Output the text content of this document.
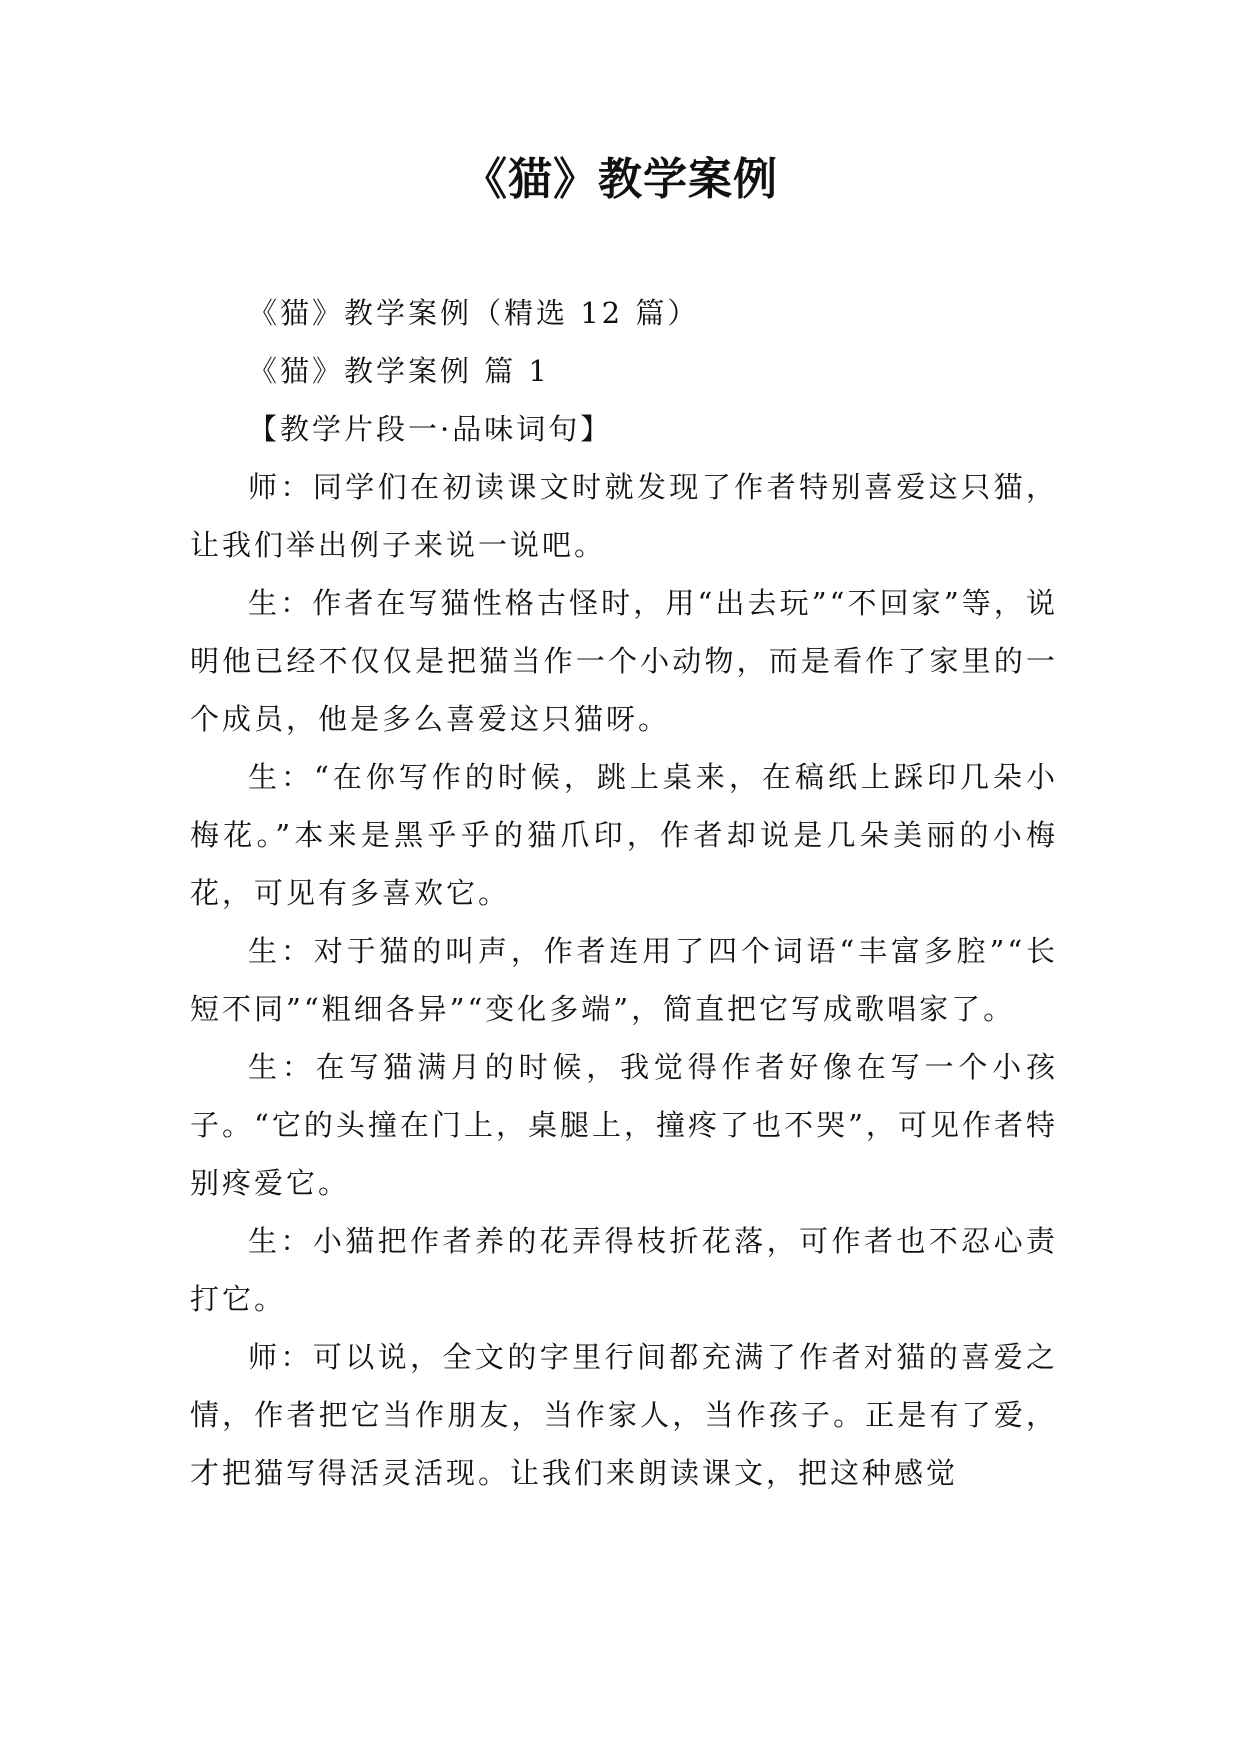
《猫》教学案例

《猫》教学案例（精选 12 篇）

《猫》教学案例 篇 1

【教学片段一·品味词句】

师：同学们在初读课文时就发现了作者特别喜爱这只猫，让我们举出例子来说一说吧。

生：作者在写猫性格古怪时，用“出去玩”“不回家”等，说明他已经不仅仅是把猫当作一个小动物，而是看作了家里的一个成员，他是多么喜爱这只猫呀。

生：“在你写作的时候，跳上桌来，在稿纸上踩印几朵小梅花。”本来是黑乎乎的猫爪印，作者却说是几朵美丽的小梅花，可见有多喜欢它。

生：对于猫的叫声，作者连用了四个词语“丰富多腔”“长短不同”“粗细各异”“变化多端”，简直把它写成歌唱家了。

生：在写猫满月的时候，我觉得作者好像在写一个小孩子。“它的头撞在门上，桌腿上，撞疼了也不哭”，可见作者特别疼爱它。

生：小猫把作者养的花弄得枝折花落，可作者也不忍心责打它。

师：可以说，全文的字里行间都充满了作者对猫的喜爱之情，作者把它当作朋友，当作家人，当作孩子。正是有了爱，才把猫写得活灵活现。让我们来朗读课文，把这种感觉
